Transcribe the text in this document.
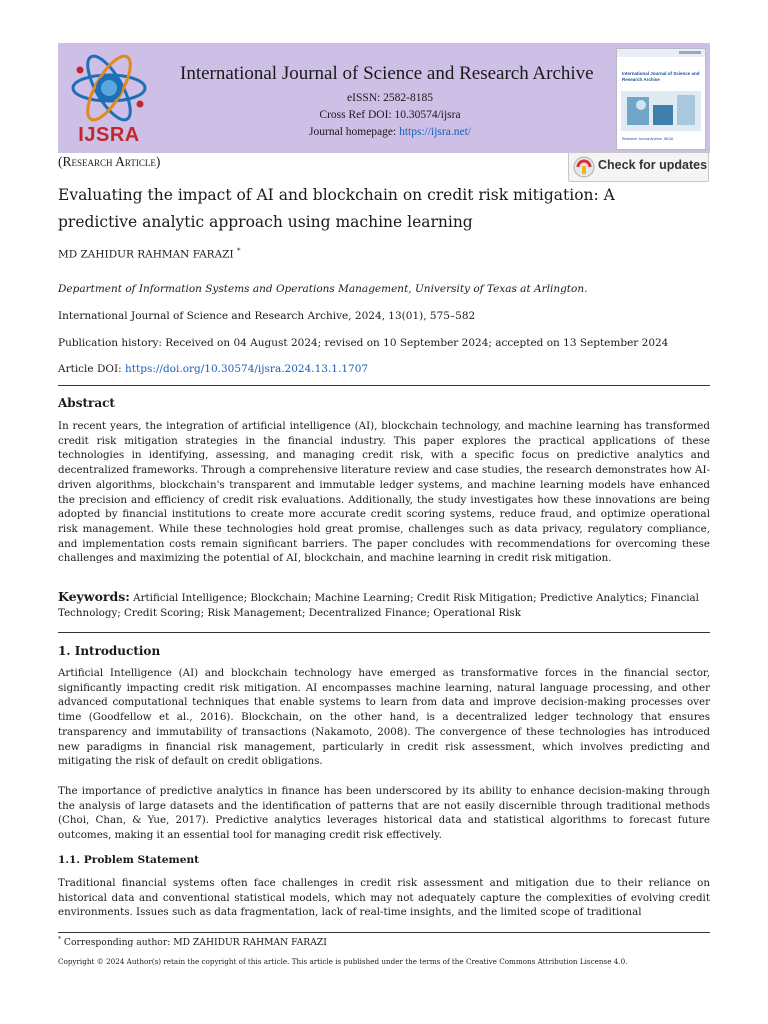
IJSRA
International Journal of Science and Research Archive
eISSN: 2582-8185
Cross Ref DOI: 10.30574/ijsra
Journal homepage: https://ijsra.net/
International Journal of Science and Research Archive
Research Journal Archive, INDIA
(Research Article)	Check for updates
Evaluating the impact of AI and blockchain on credit risk mitigation: A predictive analytic approach using machine learning
MD ZAHIDUR RAHMAN FARAZI *
Department of Information Systems and Operations Management, University of Texas at Arlington.
International Journal of Science and Research Archive, 2024, 13(01), 575–582
Publication history: Received on 04 August 2024; revised on 10 September 2024; accepted on 13 September 2024
Article DOI: https://doi.org/10.30574/ijsra.2024.13.1.1707
Abstract
In recent years, the integration of artificial intelligence (AI), blockchain technology, and machine learning has transformed credit risk mitigation strategies in the financial industry. This paper explores the practical applications of these technologies in identifying, assessing, and managing credit risk, with a specific focus on predictive analytics and decentralized frameworks. Through a comprehensive literature review and case studies, the research demonstrates how AI-driven algorithms, blockchain's transparent and immutable ledger systems, and machine learning models have enhanced the precision and efficiency of credit risk evaluations. Additionally, the study investigates how these innovations are being adopted by financial institutions to create more accurate credit scoring systems, reduce fraud, and optimize operational risk management. While these technologies hold great promise, challenges such as data privacy, regulatory compliance, and implementation costs remain significant barriers. The paper concludes with recommendations for overcoming these challenges and maximizing the potential of AI, blockchain, and machine learning in credit risk mitigation.
Keywords: Artificial Intelligence; Blockchain; Machine Learning; Credit Risk Mitigation; Predictive Analytics; Financial Technology; Credit Scoring; Risk Management; Decentralized Finance; Operational Risk
1. Introduction
Artificial Intelligence (AI) and blockchain technology have emerged as transformative forces in the financial sector, significantly impacting credit risk mitigation. AI encompasses machine learning, natural language processing, and other advanced computational techniques that enable systems to learn from data and improve decision-making processes over time (Goodfellow et al., 2016). Blockchain, on the other hand, is a decentralized ledger technology that ensures transparency and immutability of transactions (Nakamoto, 2008). The convergence of these technologies has introduced new paradigms in financial risk management, particularly in credit risk assessment, which involves predicting and mitigating the risk of default on credit obligations.
The importance of predictive analytics in finance has been underscored by its ability to enhance decision-making through the analysis of large datasets and the identification of patterns that are not easily discernible through traditional methods (Choi, Chan, & Yue, 2017). Predictive analytics leverages historical data and statistical algorithms to forecast future outcomes, making it an essential tool for managing credit risk effectively.
1.1. Problem Statement
Traditional financial systems often face challenges in credit risk assessment and mitigation due to their reliance on historical data and conventional statistical models, which may not adequately capture the complexities of evolving credit environments. Issues such as data fragmentation, lack of real-time insights, and the limited scope of traditional
* Corresponding author: MD ZAHIDUR RAHMAN FARAZI
Copyright © 2024 Author(s) retain the copyright of this article. This article is published under the terms of the Creative Commons Attribution Liscense 4.0.
